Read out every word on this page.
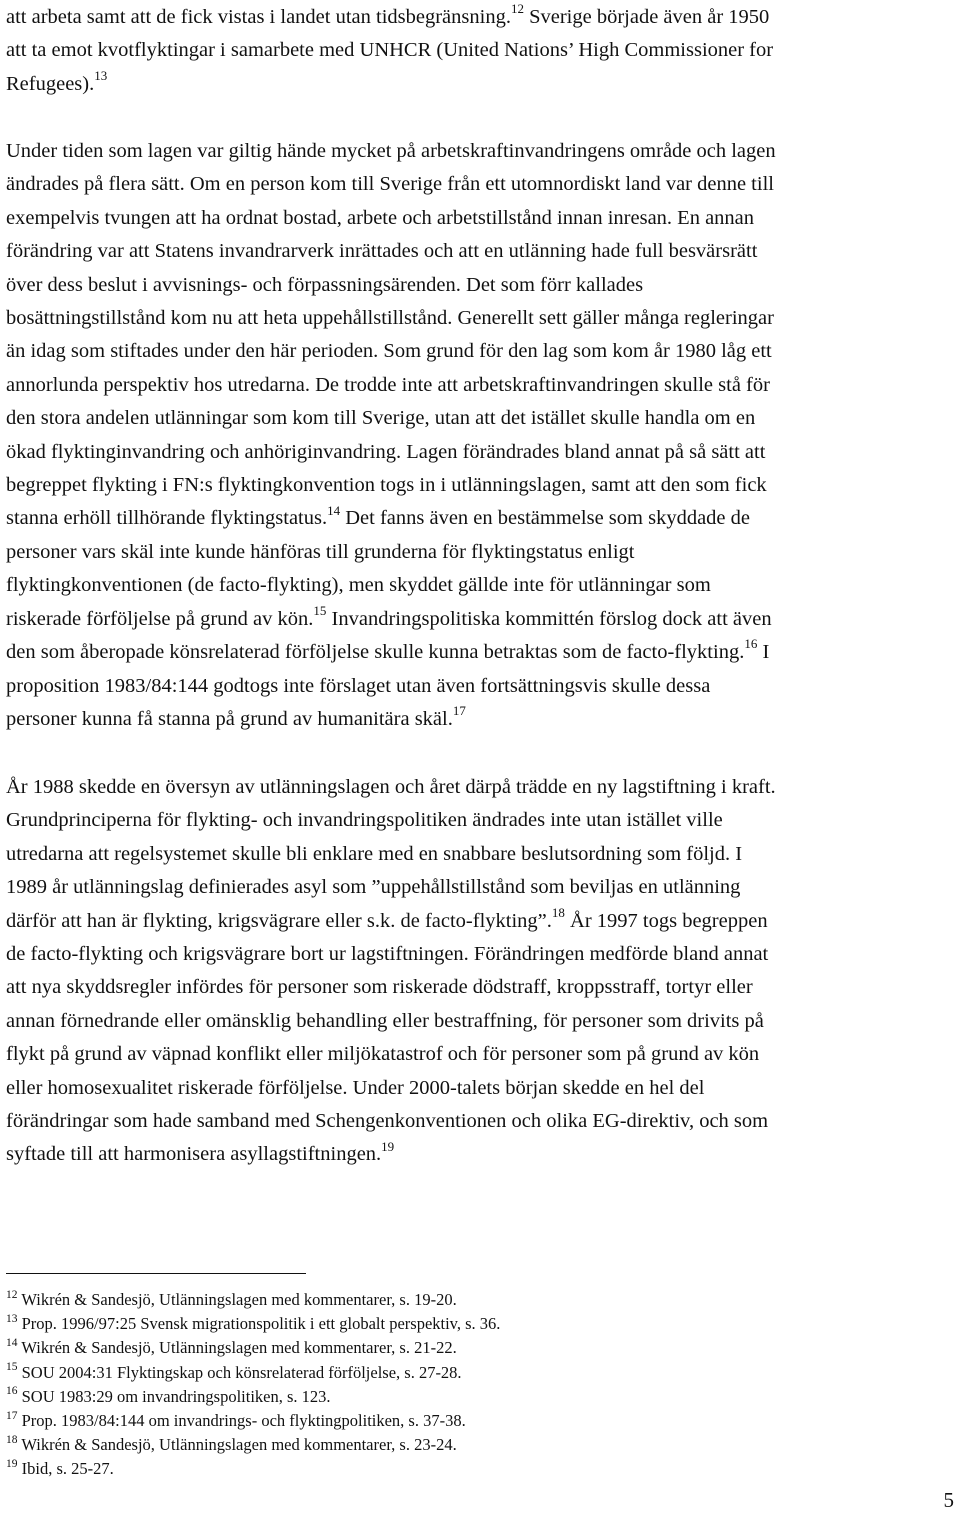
att arbeta samt att de fick vistas i landet utan tidsbegränsning.$^{12}$ Sverige började även år 1950
att ta emot kvotflyktingar i samarbete med UNHCR (United Nations’ High Commissioner for
Refugees).$^{13}$
Under tiden som lagen var giltig hände mycket på arbetskraftinvandringens område och lagen
ändrades på flera sätt. Om en person kom till Sverige från ett utomnordiskt land var denne till
exempelvis tvungen att ha ordnat bostad, arbete och arbetstillstånd innan inresan. En annan
förändring var att Statens invandrarverk inrättades och att en utlänning hade full besvärsrätt
över dess beslut i avvisnings- och förpassningsärenden. Det som förr kallades
bosättningstillstånd kom nu att heta uppehållstillstånd. Generellt sett gäller många regleringar
än idag som stiftades under den här perioden. Som grund för den lag som kom år 1980 låg ett
annorlunda perspektiv hos utredarna. De trodde inte att arbetskraftinvandringen skulle stå för
den stora andelen utlänningar som kom till Sverige, utan att det istället skulle handla om en
ökad flyktinginvandring och anhöriginvandring. Lagen förändrades bland annat på så sätt att
begreppet flykting i FN:s flyktingkonvention togs in i utlänningslagen, samt att den som fick
stanna erhöll tillhörande flyktingstatus.$^{14}$ Det fanns även en bestämmelse som skyddade de
personer vars skäl inte kunde hänföras till grunderna för flyktingstatus enligt
flyktingkonventionen (de facto-flykting), men skyddet gällde inte för utlänningar som
riskerade förföljelse på grund av kön.$^{15}$ Invandringspolitiska kommittén förslog dock att även
den som åberopade könsrelaterad förföljelse skulle kunna betraktas som de facto-flykting.$^{16}$ I
proposition 1983/84:144 godtogs inte förslaget utan även fortsättningsvis skulle dessa
personer kunna få stanna på grund av humanitära skäl.$^{17}$
År 1988 skedde en översyn av utlänningslagen och året därpå trädde en ny lagstiftning i kraft.
Grundprinciperna för flykting- och invandringspolitiken ändrades inte utan istället ville
utredarna att regelsystemet skulle bli enklare med en snabbare beslutsordning som följd. I
1989 år utlänningslag definierades asyl som ”uppehållstillstånd som beviljas en utlänning
därför att han är flykting, krigsvägrare eller s.k. de facto-flykting”.$^{18}$ År 1997 togs begreppen
de facto-flykting och krigsvägrare bort ur lagstiftningen. Förändringen medförde bland annat
att nya skyddsregler infördes för personer som riskerade dödstraff, kroppsstraff, tortyr eller
annan förnedrande eller omänsklig behandling eller bestraffning, för personer som drivits på
flykt på grund av väpnad konflikt eller miljökatastrof och för personer som på grund av kön
eller homosexualitet riskerade förföljelse. Under 2000-talets början skedde en hel del
förändringar som hade samband med Schengenkonventionen och olika EG-direktiv, och som
syftade till att harmonisera asyllagstiftningen.$^{19}$
$^{12}$ Wikrén & Sandesjö, Utlänningslagen med kommentarer, s. 19-20.
$^{13}$ Prop. 1996/97:25 Svensk migrationspolitik i ett globalt perspektiv, s. 36.
$^{14}$ Wikrén & Sandesjö, Utlänningslagen med kommentarer, s. 21-22.
$^{15}$ SOU 2004:31 Flyktingskap och könsrelaterad förföljelse, s. 27-28.
$^{16}$ SOU 1983:29 om invandringspolitiken, s. 123.
$^{17}$ Prop. 1983/84:144 om invandrings- och flyktingpolitiken, s. 37-38.
$^{18}$ Wikrén & Sandesjö, Utlänningslagen med kommentarer, s. 23-24.
$^{19}$ Ibid, s. 25-27.
5
